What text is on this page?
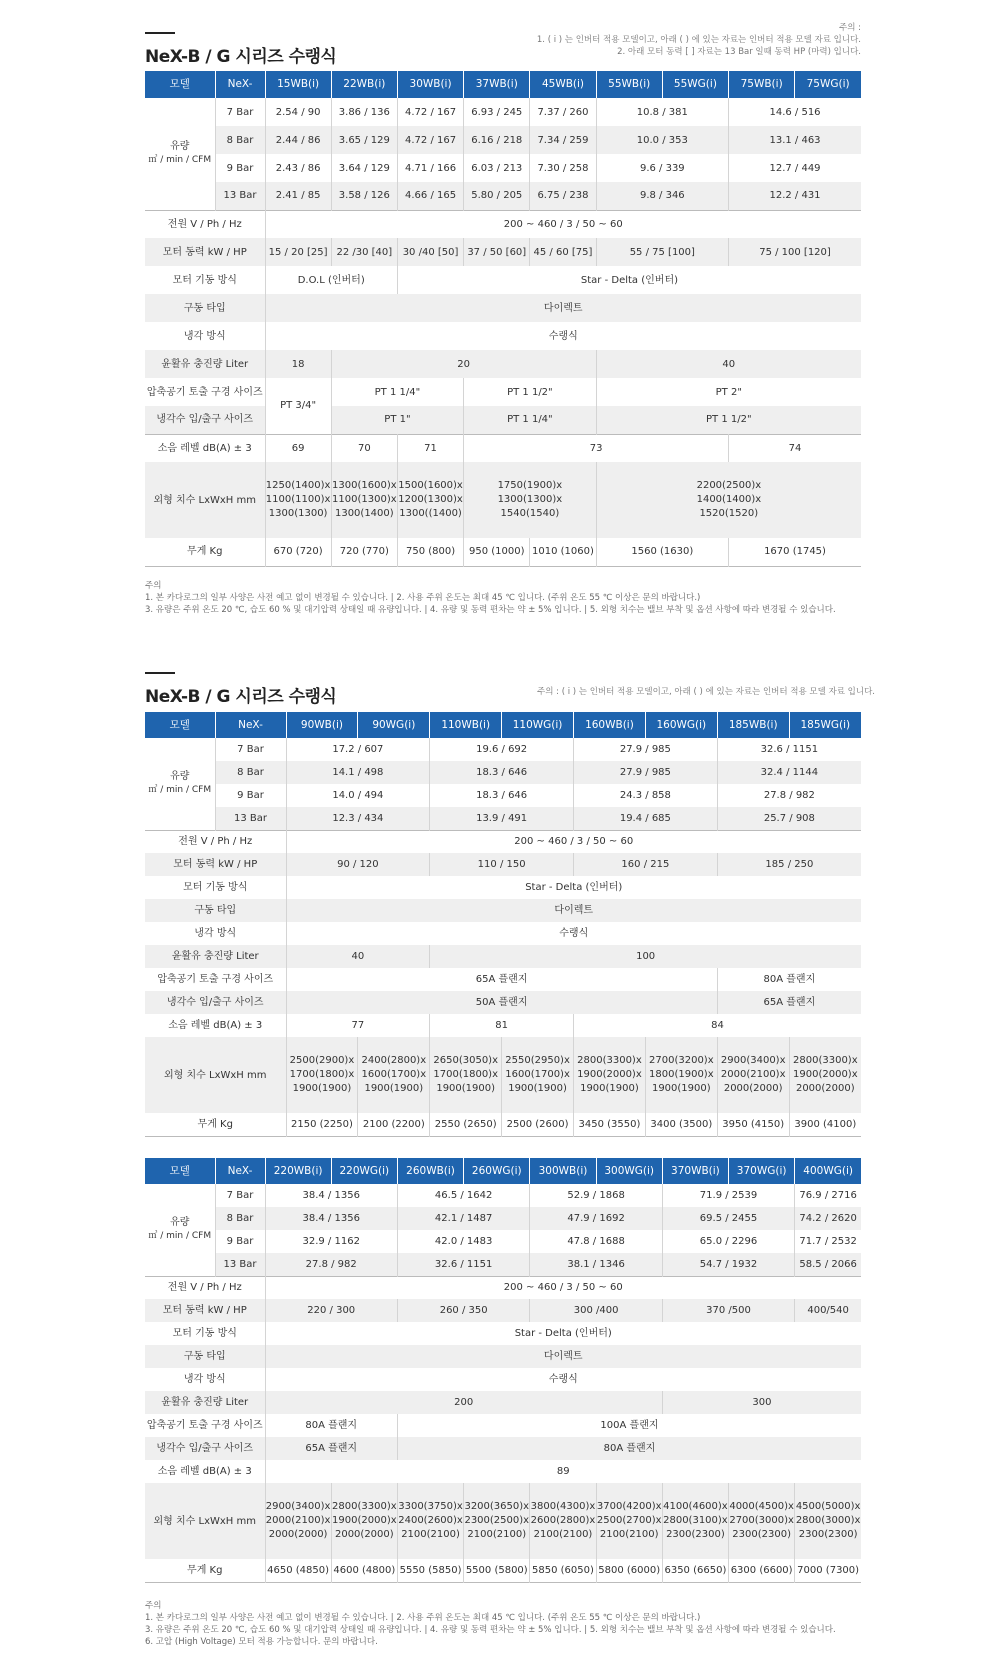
NeX-B / G 시리즈 수랭식
주의 :
1. ( i ) 는 인버터 적용 모델이고, 아래 ( ) 에 있는 자료는 인버터 적용 모델 자료 입니다.
2. 아래 모터 동력 [ ] 자료는 13 Bar 일때 동력 HP (마력) 입니다.
모델	NeX-	15WB(i)	22WB(i)	30WB(i)	37WB(i)	45WB(i)	55WB(i)	55WG(i)	75WB(i)	75WG(i)
유량
㎥ / min / CFM	7 Bar	2.54 / 90	3.86 / 136	4.72 / 167	6.93 / 245	7.37 / 260	10.8 / 381		14.6 / 516	
	8 Bar	2.44 / 86	3.65 / 129	4.72 / 167	6.16 / 218	7.34 / 259	10.0 / 353		13.1 / 463	
	9 Bar	2.43 / 86	3.64 / 129	4.71 / 166	6.03 / 213	7.30 / 258	9.6 / 339		12.7 / 449	
	13 Bar	2.41 / 85	3.58 / 126	4.66 / 165	5.80 / 205	6.75 / 238	9.8 / 346		12.2 / 431	
전원 V / Ph / Hz		200 ~ 460 / 3 / 50 ~ 60								
모터 동력 kW / HP		15 / 20 [25]	22 /30 [40]	30 /40 [50]	37 / 50 [60]	45 / 60 [75]	55 / 75 [100]		75 / 100 [120]	
모터 기동 방식		D.O.L (인버터)		Star - Delta (인버터)						
구동 타입		다이렉트								
냉각 방식		수랭식								
윤활유 충진량 Liter		18	20				40			
압축공기 토출 구경 사이즈		PT 3/4"	PT 1 1/4"		PT 1 1/2"		PT 2"			
냉각수 입/출구 사이즈			PT 1"		PT 1 1/4"		PT 1 1/2"			
소음 레벨 dB(A) ± 3		69	70	71	73				74	
외형 치수 LxWxH mm		1250(1400)x 1100(1100)x 1300(1300)	1300(1600)x 1100(1300)x 1300(1400)	1500(1600)x 1200(1300)x 1300((1400)	1750(1900)x 1300(1300)x 1540(1540)		2200(2500)x 1400(1400)x 1520(1520)			
무게 Kg		670 (720)	720 (770)	750 (800)	950 (1000)	1010 (1060)	1560 (1630)		1670 (1745)	
주의
1. 본 카다로그의 일부 사양은 사전 예고 없이 변경될 수 있습니다. | 2. 사용 주위 온도는 최대 45 ℃ 입니다. (주위 온도 55 ℃ 이상은 문의 바랍니다.)
3. 유량은 주위 온도 20 ℃, 습도 60 % 및 대기압력 상태일 때 유량입니다. | 4. 유량 및 동력 편차는 약 ± 5% 입니다. | 5. 외형 치수는 밸브 부착 및 옵션 사항에 따라 변경될 수 있습니다.
NeX-B / G 시리즈 수랭식	주의 : ( i ) 는 인버터 적용 모델이고, 아래 ( ) 에 있는 자료는 인버터 적용 모델 자료 입니다.
모델	NeX-	90WB(i)	90WG(i)	110WB(i)	110WG(i)	160WB(i)	160WG(i)	185WB(i)	185WG(i)
유량
㎥ / min / CFM	7 Bar	17.2 / 607		19.6 / 692		27.9 / 985		32.6 / 1151	
	8 Bar	14.1 / 498		18.3 / 646		27.9 / 985		32.4 / 1144	
	9 Bar	14.0 / 494		18.3 / 646		24.3 / 858		27.8 / 982	
	13 Bar	12.3 / 434		13.9 / 491		19.4 / 685		25.7 / 908	
전원 V / Ph / Hz		200 ~ 460 / 3 / 50 ~ 60							
모터 동력 kW / HP		90 / 120		110 / 150		160 / 215		185 / 250	
모터 기동 방식		Star - Delta (인버터)							
구동 타입		다이렉트							
냉각 방식		수랭식							
윤활유 충진량 Liter		40		100					
압축공기 토출 구경 사이즈		65A 플랜지						80A 플랜지	
냉각수 입/출구 사이즈		50A 플랜지						65A 플랜지	
소음 레벨 dB(A) ± 3		77		81		84			
외형 치수 LxWxH mm		2500(2900)x 1700(1800)x 1900(1900)	2400(2800)x 1600(1700)x 1900(1900)	2650(3050)x 1700(1800)x 1900(1900)	2550(2950)x 1600(1700)x 1900(1900)	2800(3300)x 1900(2000)x 1900(1900)	2700(3200)x 1800(1900)x 1900(1900)	2900(3400)x 2000(2100)x 2000(2000)	2800(3300)x 1900(2000)x 2000(2000)
무게 Kg		2150 (2250)	2100 (2200)	2550 (2650)	2500 (2600)	3450 (3550)	3400 (3500)	3950 (4150)	3900 (4100)
모델	NeX-	220WB(i)	220WG(i)	260WB(i)	260WG(i)	300WB(i)	300WG(i)	370WB(i)	370WG(i)	400WG(i)
유량
㎥ / min / CFM	7 Bar	38.4 / 1356		46.5 / 1642		52.9 / 1868		71.9 / 2539		76.9 / 2716
	8 Bar	38.4 / 1356		42.1 / 1487		47.9 / 1692		69.5 / 2455		74.2 / 2620
	9 Bar	32.9 / 1162		42.0 / 1483		47.8 / 1688		65.0 / 2296		71.7 / 2532
	13 Bar	27.8 / 982		32.6 / 1151		38.1 / 1346		54.7 / 1932		58.5 / 2066
전원 V / Ph / Hz		200 ~ 460 / 3 / 50 ~ 60								
모터 동력 kW / HP		220 / 300		260 / 350		300 /400		370 /500		400/540
모터 기동 방식		Star - Delta (인버터)								
구동 타입		다이렉트								
냉각 방식		수랭식								
윤활유 충진량 Liter		200						300		
압축공기 토출 구경 사이즈		80A 플랜지		100A 플랜지						
냉각수 입/출구 사이즈		65A 플랜지		80A 플랜지						
소음 레벨 dB(A) ± 3		89								
외형 치수 LxWxH mm		2900(3400)x 2000(2100)x 2000(2000)	2800(3300)x 1900(2000)x 2000(2000)	3300(3750)x 2400(2600)x 2100(2100)	3200(3650)x 2300(2500)x 2100(2100)	3800(4300)x 2600(2800)x 2100(2100)	3700(4200)x 2500(2700)x 2100(2100)	4100(4600)x 2800(3100)x 2300(2300)	4000(4500)x 2700(3000)x 2300(2300)	4500(5000)x 2800(3000)x 2300(2300)
무게 Kg		4650 (4850)	4600 (4800)	5550 (5850)	5500 (5800)	5850 (6050)	5800 (6000)	6350 (6650)	6300 (6600)	7000 (7300)
주의
1. 본 카다로그의 일부 사양은 사전 예고 없이 변경될 수 있습니다. | 2. 사용 주위 온도는 최대 45 ℃ 입니다. (주위 온도 55 ℃ 이상은 문의 바랍니다.)
3. 유량은 주위 온도 20 ℃, 습도 60 % 및 대기압력 상태일 때 유량입니다. | 4. 유량 및 동력 편차는 약 ± 5% 입니다. | 5. 외형 치수는 밸브 부착 및 옵션 사항에 따라 변경될 수 있습니다.
6. 고압 (High Voltage) 모터 적용 가능합니다. 문의 바랍니다.
